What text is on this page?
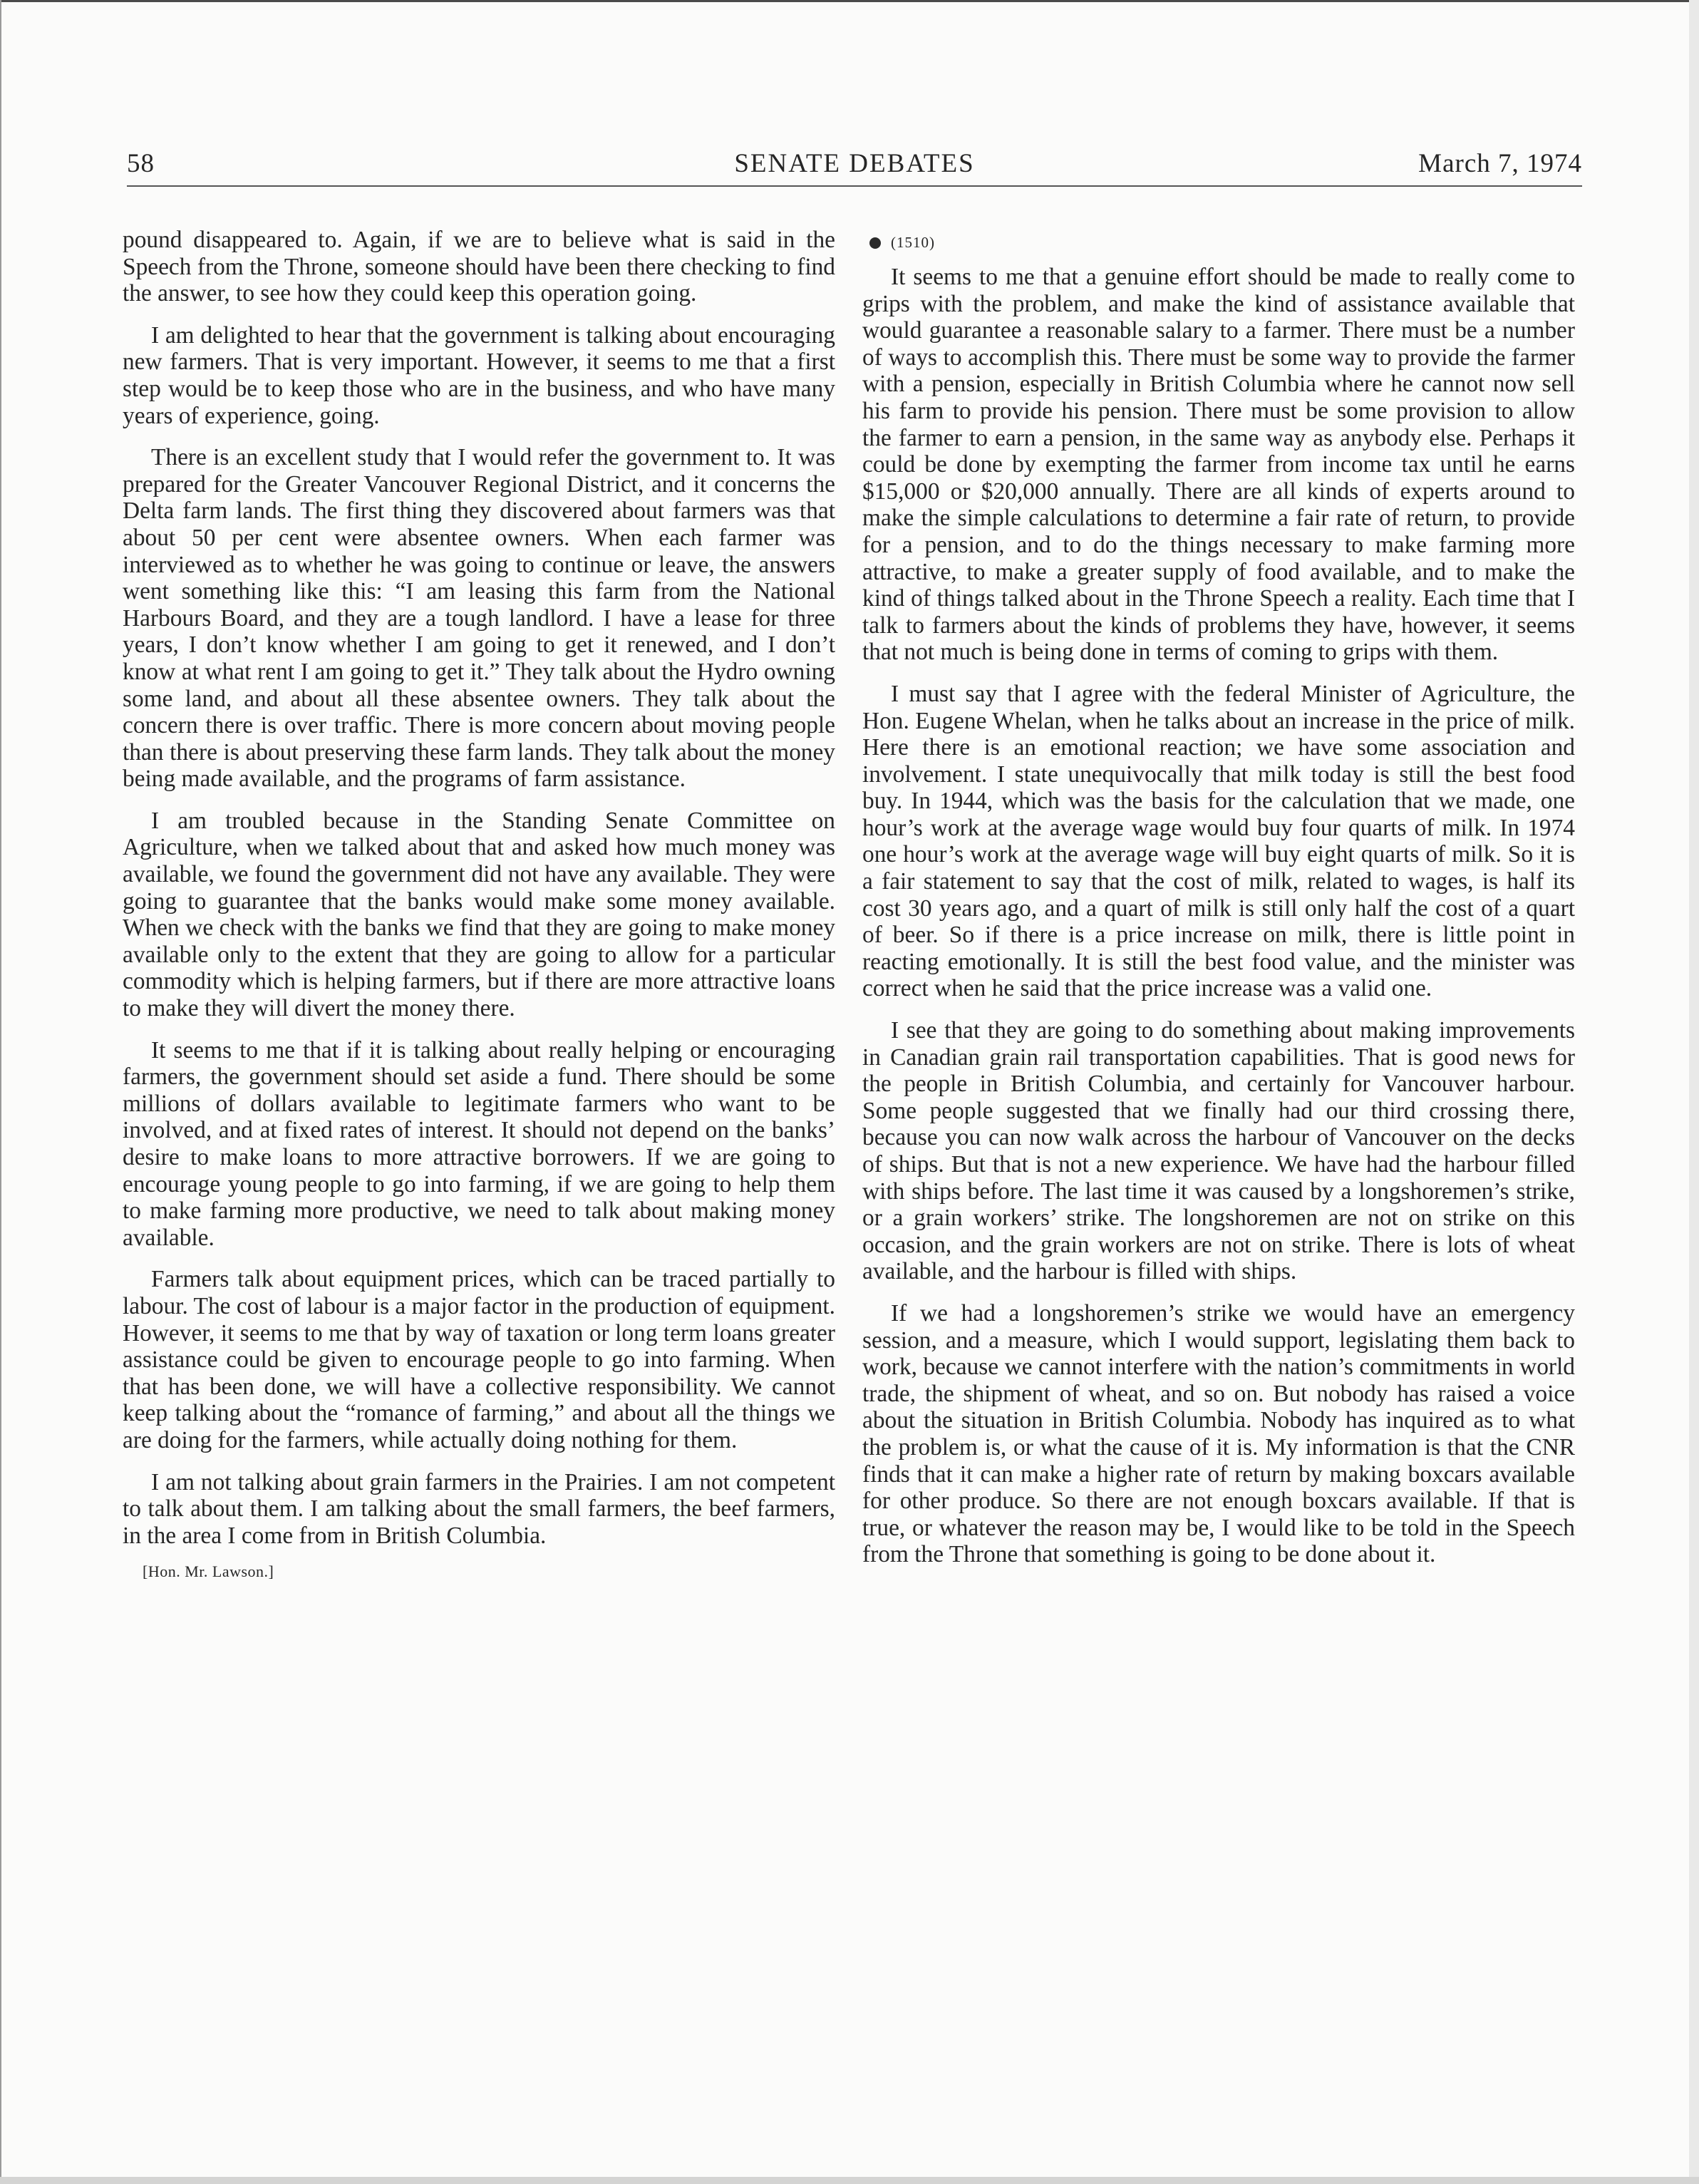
SENATE DEBATES
58	March 7, 1974

pound disappeared to. Again, if we are to believe what is said in the Speech from the Throne, someone should have been there checking to find the answer, to see how they could keep this operation going.

I am delighted to hear that the government is talking about encouraging new farmers. That is very important. However, it seems to me that a first step would be to keep those who are in the business, and who have many years of experience, going.

There is an excellent study that I would refer the government to. It was prepared for the Greater Vancouver Regional District, and it concerns the Delta farm lands. The first thing they discovered about farmers was that about 50 per cent were absentee owners. When each farmer was interviewed as to whether he was going to continue or leave, the answers went something like this: “I am leasing this farm from the National Harbours Board, and they are a tough landlord. I have a lease for three years, I don’t know whether I am going to get it renewed, and I don’t know at what rent I am going to get it.” They talk about the Hydro owning some land, and about all these absentee owners. They talk about the concern there is over traffic. There is more concern about moving people than there is about preserving these farm lands. They talk about the money being made available, and the programs of farm assistance.

I am troubled because in the Standing Senate Committee on Agriculture, when we talked about that and asked how much money was available, we found the government did not have any available. They were going to guarantee that the banks would make some money available. When we check with the banks we find that they are going to make money available only to the extent that they are going to allow for a particular commodity which is helping farmers, but if there are more attractive loans to make they will divert the money there.

It seems to me that if it is talking about really helping or encouraging farmers, the government should set aside a fund. There should be some millions of dollars available to legitimate farmers who want to be involved, and at fixed rates of interest. It should not depend on the banks’ desire to make loans to more attractive borrowers. If we are going to encourage young people to go into farming, if we are going to help them to make farming more productive, we need to talk about making money available.

Farmers talk about equipment prices, which can be traced partially to labour. The cost of labour is a major factor in the production of equipment. However, it seems to me that by way of taxation or long term loans greater assistance could be given to encourage people to go into farming. When that has been done, we will have a collective responsibility. We cannot keep talking about the “romance of farming,” and about all the things we are doing for the farmers, while actually doing nothing for them.

I am not talking about grain farmers in the Prairies. I am not competent to talk about them. I am talking about the small farmers, the beef farmers, in the area I come from in British Columbia.

[Hon. Mr. Lawson.]
(1510)

It seems to me that a genuine effort should be made to really come to grips with the problem, and make the kind of assistance available that would guarantee a reasonable salary to a farmer. There must be a number of ways to accomplish this. There must be some way to provide the farmer with a pension, especially in British Columbia where he cannot now sell his farm to provide his pension. There must be some provision to allow the farmer to earn a pension, in the same way as anybody else. Perhaps it could be done by exempting the farmer from income tax until he earns $15,000 or $20,000 annually. There are all kinds of experts around to make the simple calculations to determine a fair rate of return, to provide for a pension, and to do the things necessary to make farming more attractive, to make a greater supply of food available, and to make the kind of things talked about in the Throne Speech a reality. Each time that I talk to farmers about the kinds of problems they have, however, it seems that not much is being done in terms of coming to grips with them.

I must say that I agree with the federal Minister of Agriculture, the Hon. Eugene Whelan, when he talks about an increase in the price of milk. Here there is an emotional reaction; we have some association and involvement. I state unequivocally that milk today is still the best food buy. In 1944, which was the basis for the calculation that we made, one hour’s work at the average wage would buy four quarts of milk. In 1974 one hour’s work at the average wage will buy eight quarts of milk. So it is a fair statement to say that the cost of milk, related to wages, is half its cost 30 years ago, and a quart of milk is still only half the cost of a quart of beer. So if there is a price increase on milk, there is little point in reacting emotionally. It is still the best food value, and the minister was correct when he said that the price increase was a valid one.

I see that they are going to do something about making improvements in Canadian grain rail transportation capabilities. That is good news for the people in British Columbia, and certainly for Vancouver harbour. Some people suggested that we finally had our third crossing there, because you can now walk across the harbour of Vancouver on the decks of ships. But that is not a new experience. We have had the harbour filled with ships before. The last time it was caused by a longshoremen’s strike, or a grain workers’ strike. The longshoremen are not on strike on this occasion, and the grain workers are not on strike. There is lots of wheat available, and the harbour is filled with ships.

If we had a longshoremen’s strike we would have an emergency session, and a measure, which I would support, legislating them back to work, because we cannot interfere with the nation’s commitments in world trade, the shipment of wheat, and so on. But nobody has raised a voice about the situation in British Columbia. Nobody has inquired as to what the problem is, or what the cause of it is. My information is that the CNR finds that it can make a higher rate of return by making boxcars available for other produce. So there are not enough boxcars available. If that is true, or whatever the reason may be, I would like to be told in the Speech from the Throne that something is going to be done about it.
